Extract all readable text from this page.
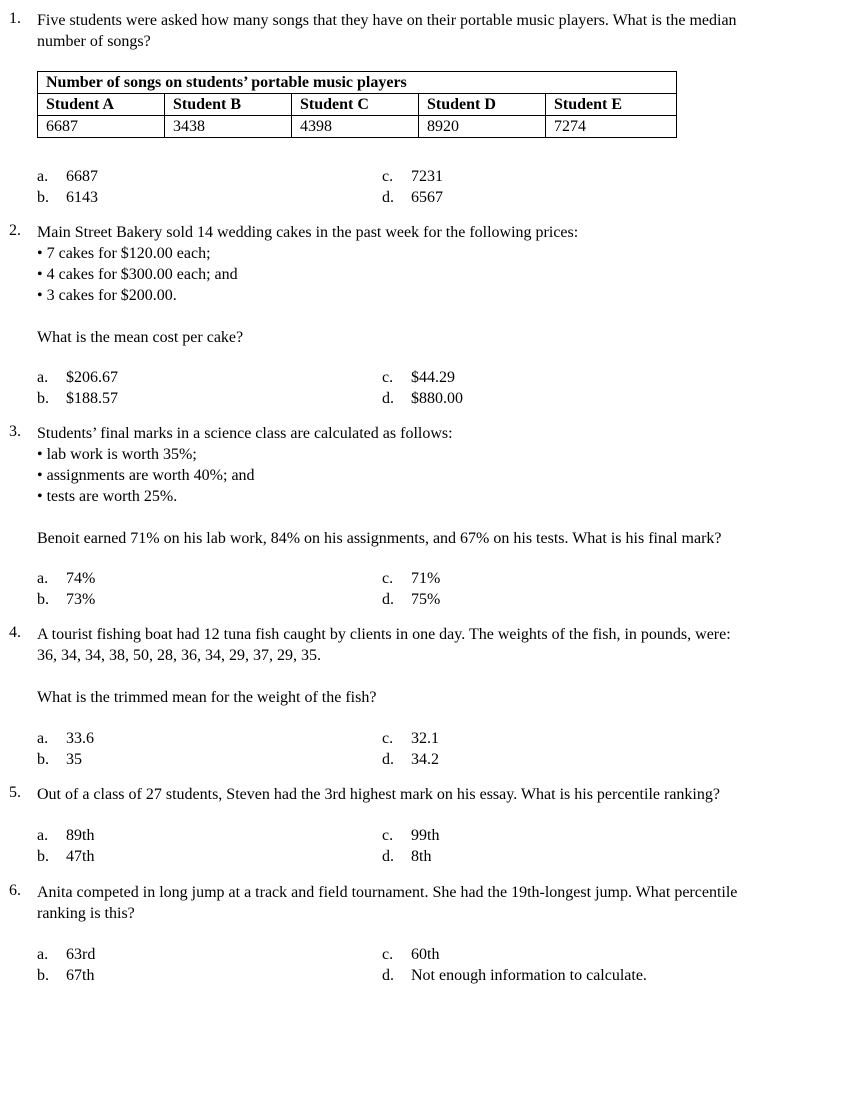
1. Five students were asked how many songs that they have on their portable music players. What is the median
number of songs?
Number of songs on students’ portable music players				
Student A	Student B	Student C	Student D	Student E
6687	3438	4398	8920	7274
a. 6687
b. 6143
c. 7231
d. 6567
2. Main Street Bakery sold 14 wedding cakes in the past week for the following prices:
• 7 cakes for $120.00 each;
• 4 cakes for $300.00 each; and
• 3 cakes for $200.00.
What is the mean cost per cake?
a. $206.67
b. $188.57
c. $44.29
d. $880.00
3. Students’ final marks in a science class are calculated as follows:
• lab work is worth 35%;
• assignments are worth 40%; and
• tests are worth 25%.
Benoit earned 71% on his lab work, 84% on his assignments, and 67% on his tests. What is his final mark?
a. 74%
b. 73%
c. 71%
d. 75%
4. A tourist fishing boat had 12 tuna fish caught by clients in one day. The weights of the fish, in pounds, were:
36, 34, 34, 38, 50, 28, 36, 34, 29, 37, 29, 35.
What is the trimmed mean for the weight of the fish?
a. 33.6
b. 35
c. 32.1
d. 34.2
5. Out of a class of 27 students, Steven had the 3rd highest mark on his essay. What is his percentile ranking?
a. 89th
b. 47th
c. 99th
d. 8th
6. Anita competed in long jump at a track and field tournament. She had the 19th-longest jump. What percentile
ranking is this?
a. 63rd
b. 67th
c. 60th
d. Not enough information to calculate.
